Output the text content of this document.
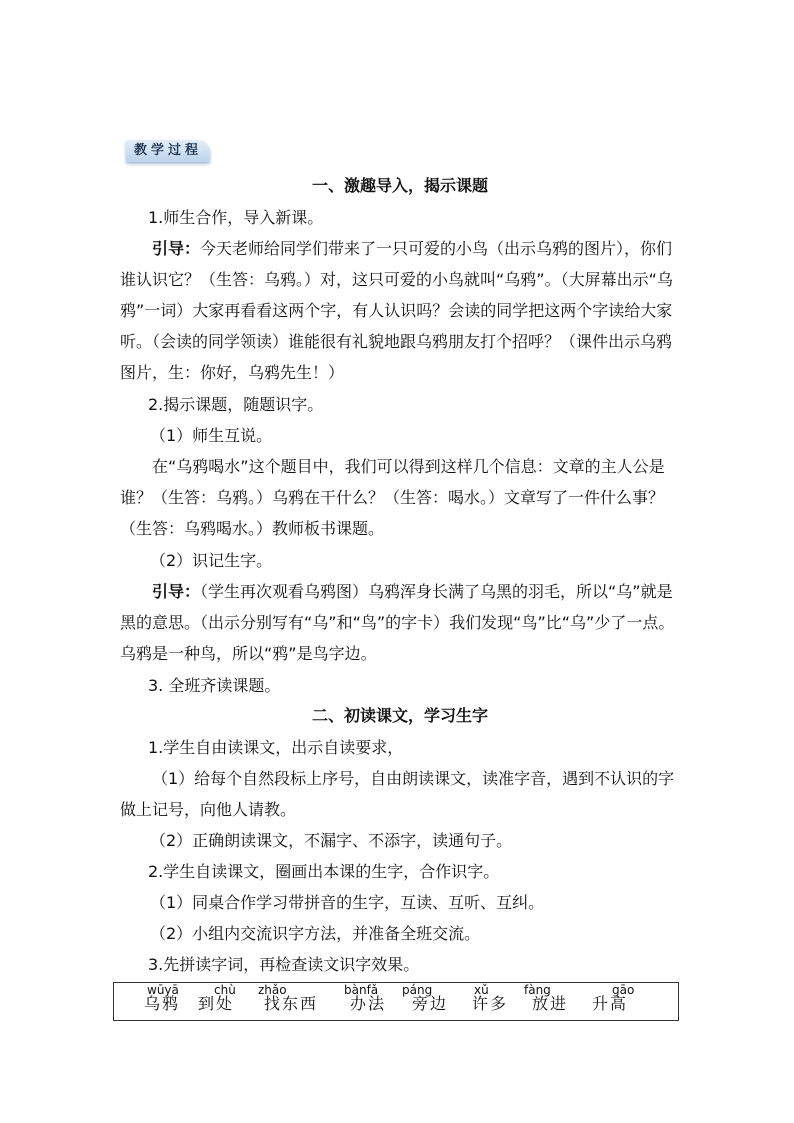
教学过程
一、激趣导入，揭示课题

1.师生合作，导入新课。

引导：今天老师给同学们带来了一只可爱的小鸟（出示乌鸦的图片），你们谁认识它？（生答：乌鸦。）对，这只可爱的小鸟就叫“乌鸦”。（大屏幕出示“乌鸦”一词）大家再看看这两个字，有人认识吗？会读的同学把这两个字读给大家听。（会读的同学领读）谁能很有礼貌地跟乌鸦朋友打个招呼？（课件出示乌鸦图片，生：你好，乌鸦先生！）

2.揭示课题，随题识字。

（1）师生互说。

在“乌鸦喝水”这个题目中，我们可以得到这样几个信息：文章的主人公是谁？（生答：乌鸦。）乌鸦在干什么？（生答：喝水。）文章写了一件什么事？（生答：乌鸦喝水。）教师板书课题。

（2）识记生字。

引导：（学生再次观看乌鸦图）乌鸦浑身长满了乌黑的羽毛，所以“乌”就是黑的意思。（出示分别写有“乌”和“鸟”的字卡）我们发现“鸟”比“乌”少了一点。乌鸦是一种鸟，所以“鸦”是鸟字边。

3. 全班齐读课题。

二、初读课文，学习生字

1.学生自由读课文，出示自读要求，

（1）给每个自然段标上序号，自由朗读课文，读准字音，遇到不认识的字做上记号，向他人请教。

（2）正确朗读课文，不漏字、不添字，读通句子。

2.学生自读课文，圈画出本课的生字，合作识字。

（1）同桌合作学习带拼音的生字，互读、互听、互纠。

（2）小组内交流识字方法，并准备全班交流。

3.先拼读字词，再检查读文识字效果。

wūyā
乌鸦
chù
到处
zhǎo
找东西
bànfǎ
办法
páng
旁边
xǔ
许多
fàng
放进
gāo
升高
